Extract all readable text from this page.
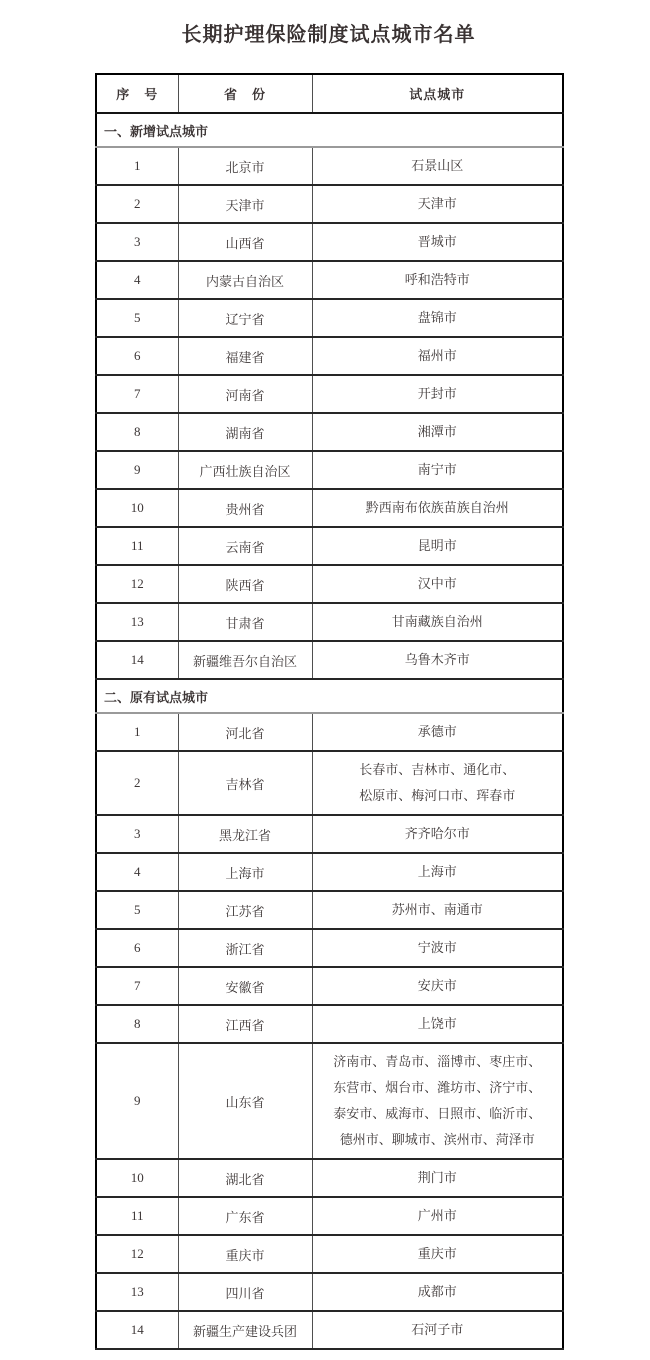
长期护理保险制度试点城市名单
序　号	省　份	试点城市
一、新增试点城市		
1	北京市	石景山区

2	天津市	天津市

3	山西省	晋城市

4	内蒙古自治区	呼和浩特市

5	辽宁省	盘锦市

6	福建省	福州市

7	河南省	开封市

8	湖南省	湘潭市

9	广西壮族自治区	南宁市

10	贵州省	黔西南布依族苗族自治州

11	云南省	昆明市

12	陕西省	汉中市

13	甘肃省	甘南藏族自治州

14	新疆维吾尔自治区	乌鲁木齐市

二、原有试点城市		
1	河北省	承德市

2	吉林省	长春市、吉林市、通化市、
松原市、梅河口市、珲春市

3	黑龙江省	齐齐哈尔市

4	上海市	上海市

5	江苏省	苏州市、南通市

6	浙江省	宁波市

7	安徽省	安庆市

8	江西省	上饶市

9	山东省	济南市、青岛市、淄博市、枣庄市、
东营市、烟台市、潍坊市、济宁市、
泰安市、威海市、日照市、临沂市、
德州市、聊城市、滨州市、菏泽市

10	湖北省	荆门市

11	广东省	广州市

12	重庆市	重庆市

13	四川省	成都市

14	新疆生产建设兵团	石河子市
